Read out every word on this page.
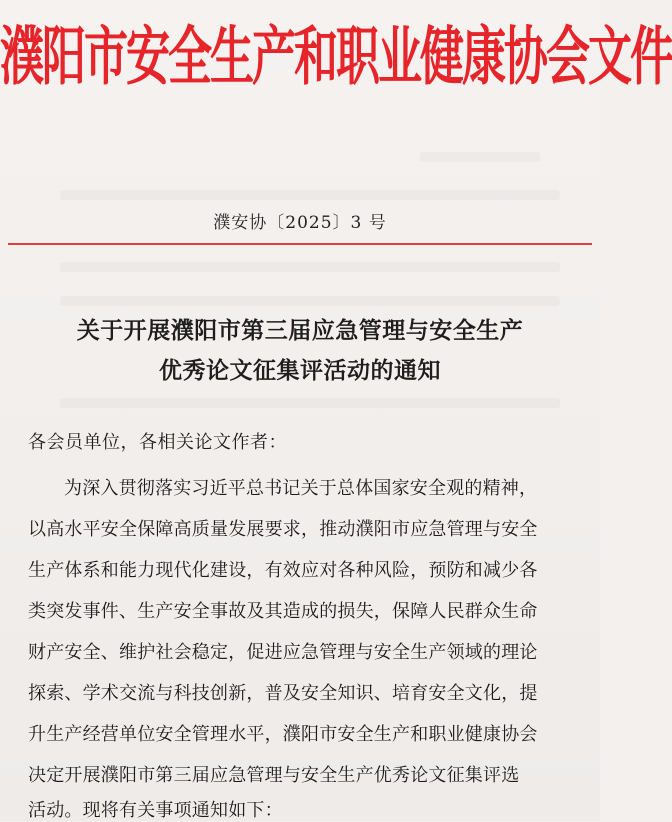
濮阳市安全生产和职业健康协会文件
濮安协〔2025〕3 号
关于开展濮阳市第三届应急管理与安全生产
优秀论文征集评活动的通知
各会员单位，各相关论文作者：
为深入贯彻落实习近平总书记关于总体国家安全观的精神，
以高水平安全保障高质量发展要求，推动濮阳市应急管理与安全
生产体系和能力现代化建设，有效应对各种风险，预防和减少各
类突发事件、生产安全事故及其造成的损失，保障人民群众生命
财产安全、维护社会稳定，促进应急管理与安全生产领域的理论
探索、学术交流与科技创新，普及安全知识、培育安全文化，提
升生产经营单位安全管理水平，濮阳市安全生产和职业健康协会
决定开展濮阳市第三届应急管理与安全生产优秀论文征集评选
活动。现将有关事项通知如下：
